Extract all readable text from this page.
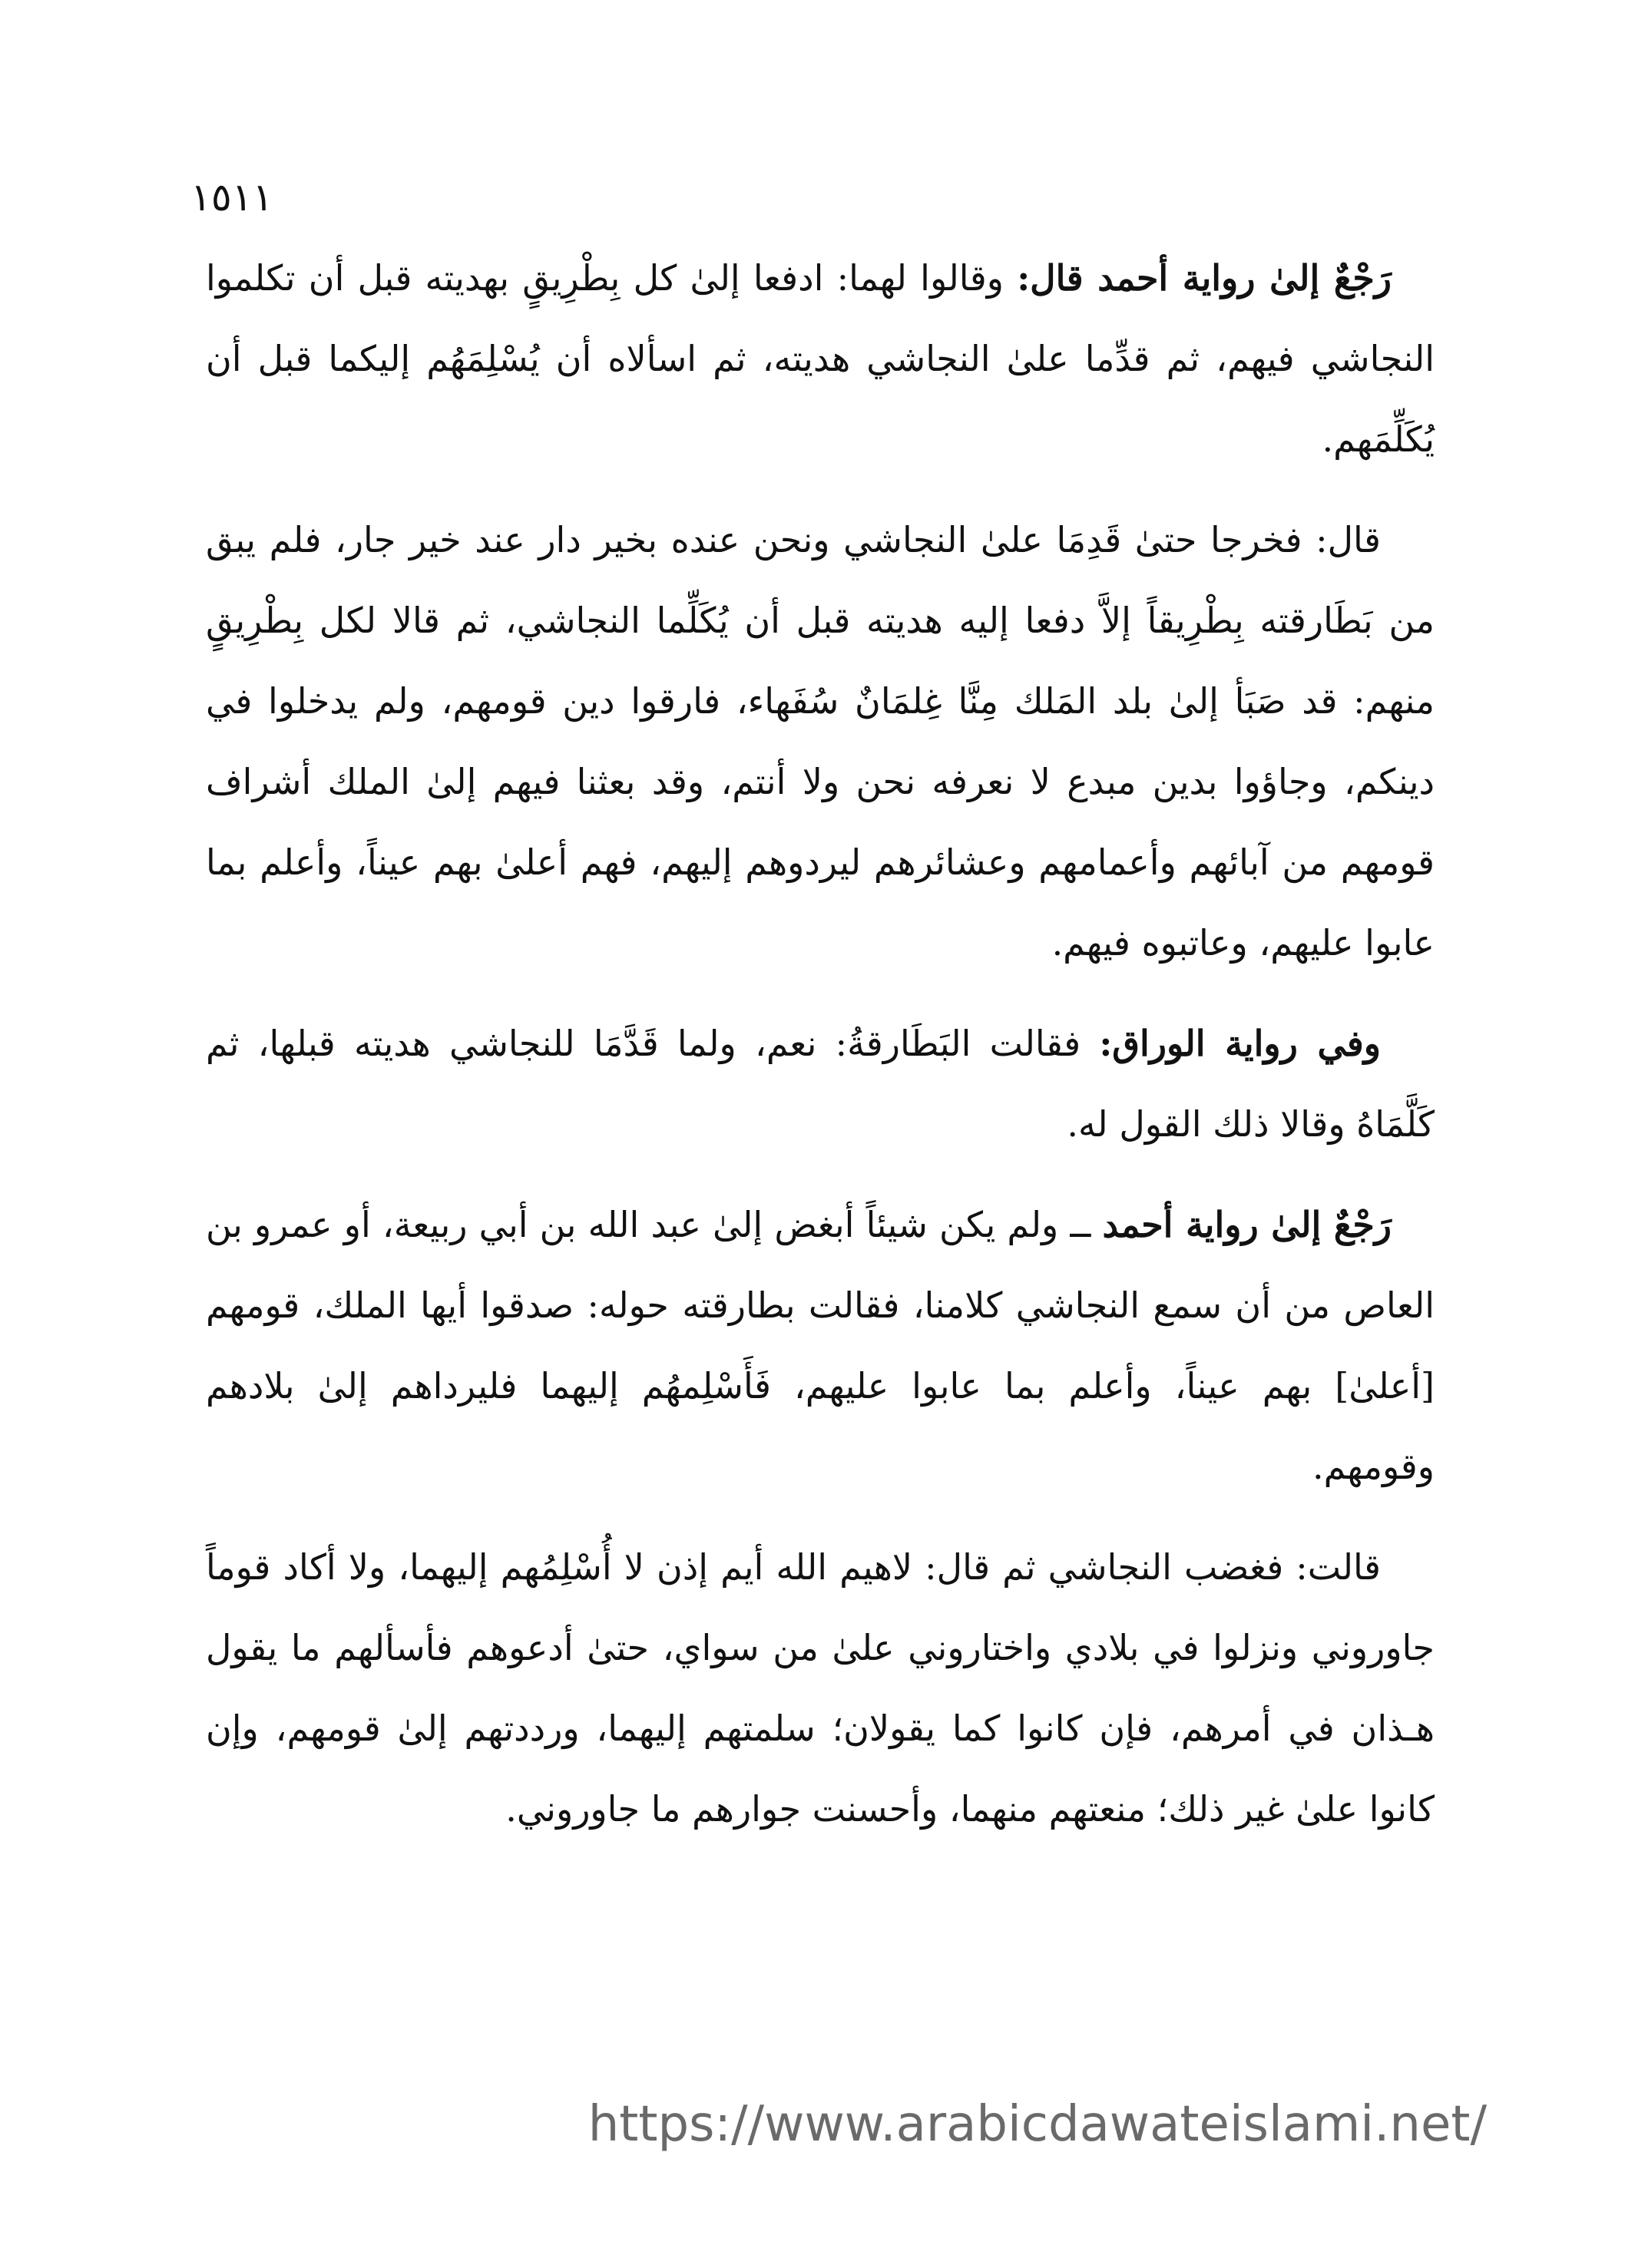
١٥١١

رَجْعٌ إلىٰ رواية أحمد قال: وقالوا لهما: ادفعا إلىٰ كل بِطْرِيقٍ بهديته قبل أن تكلموا النجاشي فيهم، ثم قدِّما علىٰ النجاشي هديته، ثم اسألاه أن يُسْلِمَهُم إليكما قبل أن يُكَلِّمَهم.

قال: فخرجا حتىٰ قَدِمَا علىٰ النجاشي ونحن عنده بخير دار عند خير جار، فلم يبق من بَطَارقته بِطْرِيقاً إلاَّ دفعا إليه هديته قبل أن يُكَلِّما النجاشي، ثم قالا لكل بِطْرِيقٍ منهم: قد صَبَأ إلىٰ بلد المَلك مِنَّا غِلمَانٌ سُفَهاء، فارقوا دين قومهم، ولم يدخلوا في دينكم، وجاؤوا بدين مبدع لا نعرفه نحن ولا أنتم، وقد بعثنا فيهم إلىٰ الملك أشراف قومهم من آبائهم وأعمامهم وعشائرهم ليردوهم إليهم، فهم أعلىٰ بهم عيناً، وأعلم بما عابوا عليهم، وعاتبوه فيهم.

وفي رواية الوراق: فقالت البَطَارقةُ: نعم، ولما قَدَّمَا للنجاشي هديته قبلها، ثم كَلَّمَاهُ وقالا ذلك القول له.

رَجْعٌ إلىٰ رواية أحمد ــ ولم يكن شيئاً أبغض إلىٰ عبد الله بن أبي ربيعة، أو عمرو بن العاص من أن سمع النجاشي كلامنا، فقالت بطارقته حوله: صدقوا أيها الملك، قومهم [أعلىٰ] بهم عيناً، وأعلم بما عابوا عليهم، فَأَسْلِمهُم إليهما فليرداهم إلىٰ بلادهم وقومهم.

قالت: فغضب النجاشي ثم قال: لاهيم الله أيم إذن لا أُسْلِمُهم إليهما، ولا أكاد قوماً جاوروني ونزلوا في بلادي واختاروني علىٰ من سواي، حتىٰ أدعوهم فأسألهم ما يقول هـذان في أمرهم، فإن كانوا كما يقولان؛ سلمتهم إليهما، ورددتهم إلىٰ قومهم، وإن كانوا علىٰ غير ذلك؛ منعتهم منهما، وأحسنت جوارهم ما جاوروني.

https://www.arabicdawateislami.net/
